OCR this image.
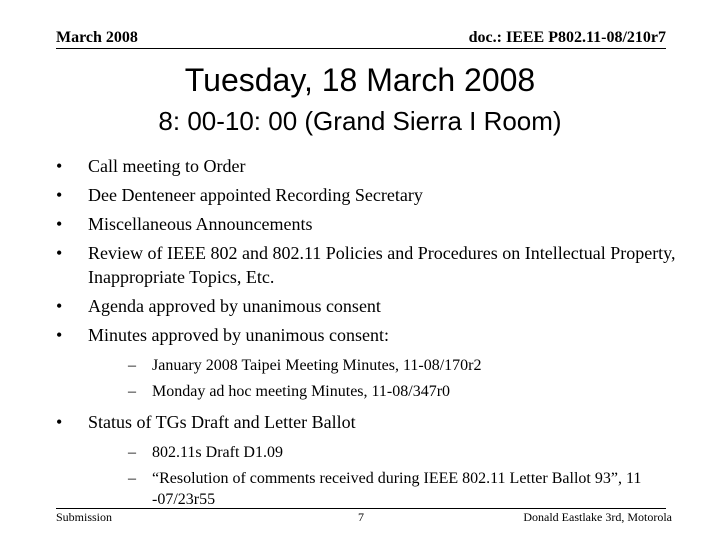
March 2008	doc.: IEEE P802.11-08/210r7
Tuesday, 18 March 2008
8: 00-10: 00 (Grand Sierra I Room)
•	Call meeting to Order
•	Dee Denteneer appointed Recording Secretary
•	Miscellaneous Announcements
•	Review of IEEE 802 and 802.11 Policies and Procedures on Intellectual Property, Inappropriate Topics, Etc.
•	Agenda approved by unanimous consent
•	Minutes approved by unanimous consent:
– January 2008 Taipei Meeting Minutes, 11-08/170r2
– Monday ad hoc meeting Minutes, 11-08/347r0
•	Status of TGs Draft and Letter Ballot
– 802.11s Draft D1.09
– “Resolution of comments received during IEEE 802.11 Letter Ballot 93”, 11 -07/23r55
Submission	7	Donald Eastlake 3rd, Motorola
